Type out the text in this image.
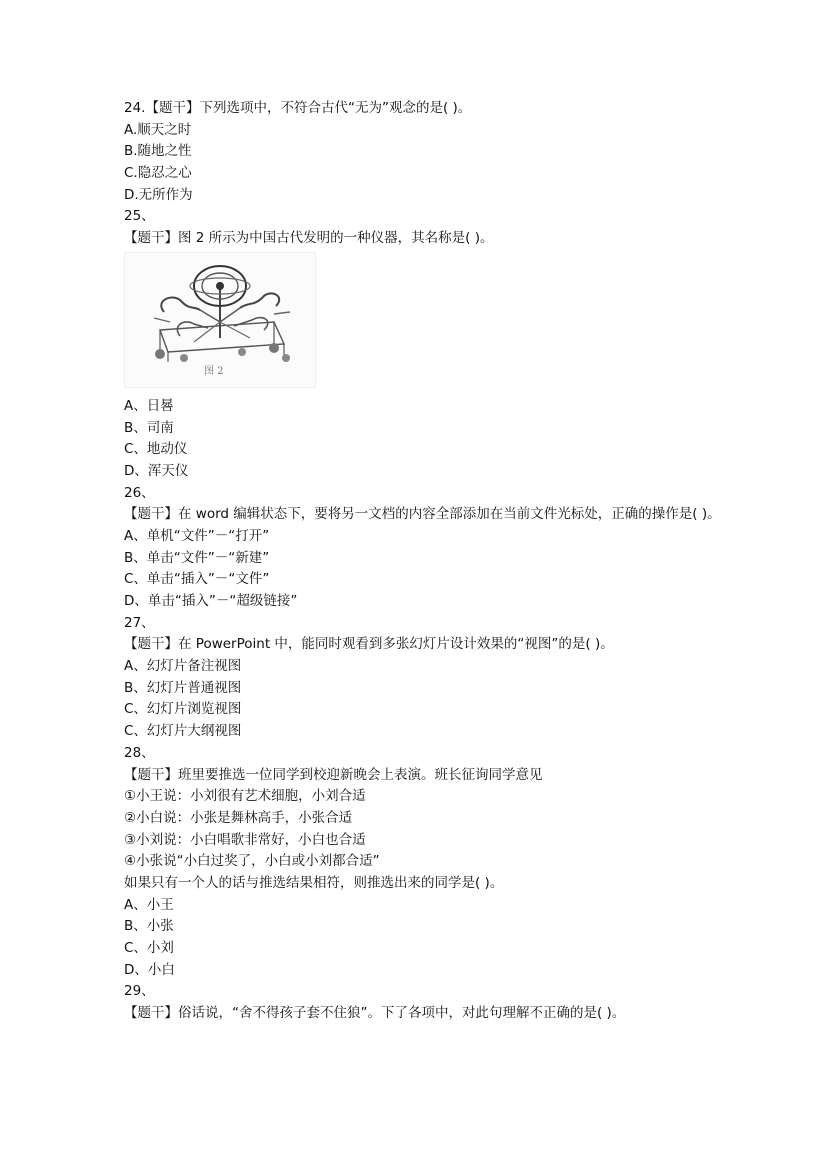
24.【题干】下列选项中，不符合古代“无为”观念的是( )。
A.顺天之时
B.随地之性
C.隐忍之心
D.无所作为
25、
【题干】图 2 所示为中国古代发明的一种仪器，其名称是( )。
图 2
A、日晷
B、司南
C、地动仪
D、浑天仪
26、
【题干】在 word 编辑状态下，要将另一文档的内容全部添加在当前文件光标处，正确的操作是( )。
A、单机“文件”－“打开”
B、单击“文件”－“新建”
C、单击“插入”－“文件”
D、单击“插入”－“超级链接”
27、
【题干】在 PowerPoint 中，能同时观看到多张幻灯片设计效果的“视图”的是( )。
A、幻灯片备注视图
B、幻灯片普通视图
C、幻灯片浏览视图
C、幻灯片大纲视图
28、
【题干】班里要推选一位同学到校迎新晚会上表演。班长征询同学意见
①小王说：小刘很有艺术细胞，小刘合适
②小白说：小张是舞林高手，小张合适
③小刘说：小白唱歌非常好，小白也合适
④小张说“小白过奖了，小白或小刘都合适”
如果只有一个人的话与推选结果相符，则推选出来的同学是( )。
A、小王
B、小张
C、小刘
D、小白
29、
【题干】俗话说，“舍不得孩子套不住狼”。下了各项中，对此句理解不正确的是( )。
